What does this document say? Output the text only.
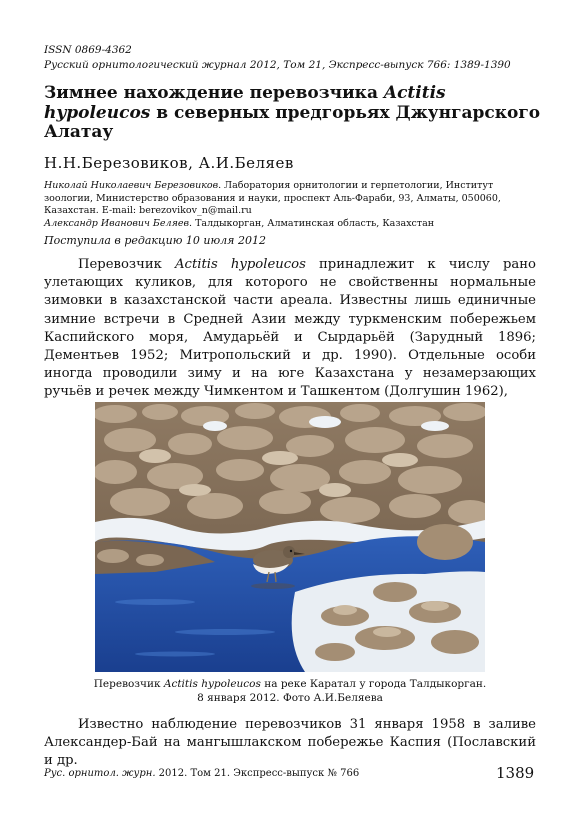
ISSN 0869-4362
Русский орнитологический журнал 2012, Том 21, Экспресс-выпуск 766: 1389-1390
Зимнее нахождение перевозчика Actitis hypoleucos в северных предгорьях Джунгарского Алатау
Н.Н.Березовиков, А.И.Беляев
Николай Николаевич Березовиков. Лаборатория орнитологии и герпетологии, Институт зоологии, Министерство образования и науки, проспект Аль-Фараби, 93, Алматы, 050060, Казахстан. E-mail: berezovikov_n@mail.ru
Александр Иванович Беляев. Талдыкорган, Алматинская область, Казахстан
Поступила в редакцию 10 июля 2012

Перевозчик Actitis hypoleucos принадлежит к числу рано улетающих куликов, для которого не свойственны нормальные зимовки в казахстанской части ареала. Известны лишь единичные зимние встречи в Средней Азии между туркменским побережьем Каспийского моря, Амударьёй и Сырдарьёй (Зарудный 1896; Дементьев 1952; Митропольский и др. 1990). Отдельные особи иногда проводили зиму и на юге Казахстана у незамерзающих ручьёв и речек между Чимкентом и Ташкентом (Долгушин 1962),

Перевозчик Actitis hypoleucos на реке Каратал у города Талдыкорган.
8 января 2012. Фото А.И.Беляева

Известно наблюдение перевозчиков 31 января 1958 в заливе Александер-Бай на мангышлакском побережье Каспия (Пославский и др.

Рус. орнитол. журн. 2012. Том 21. Экспресс-выпуск № 766	1389
